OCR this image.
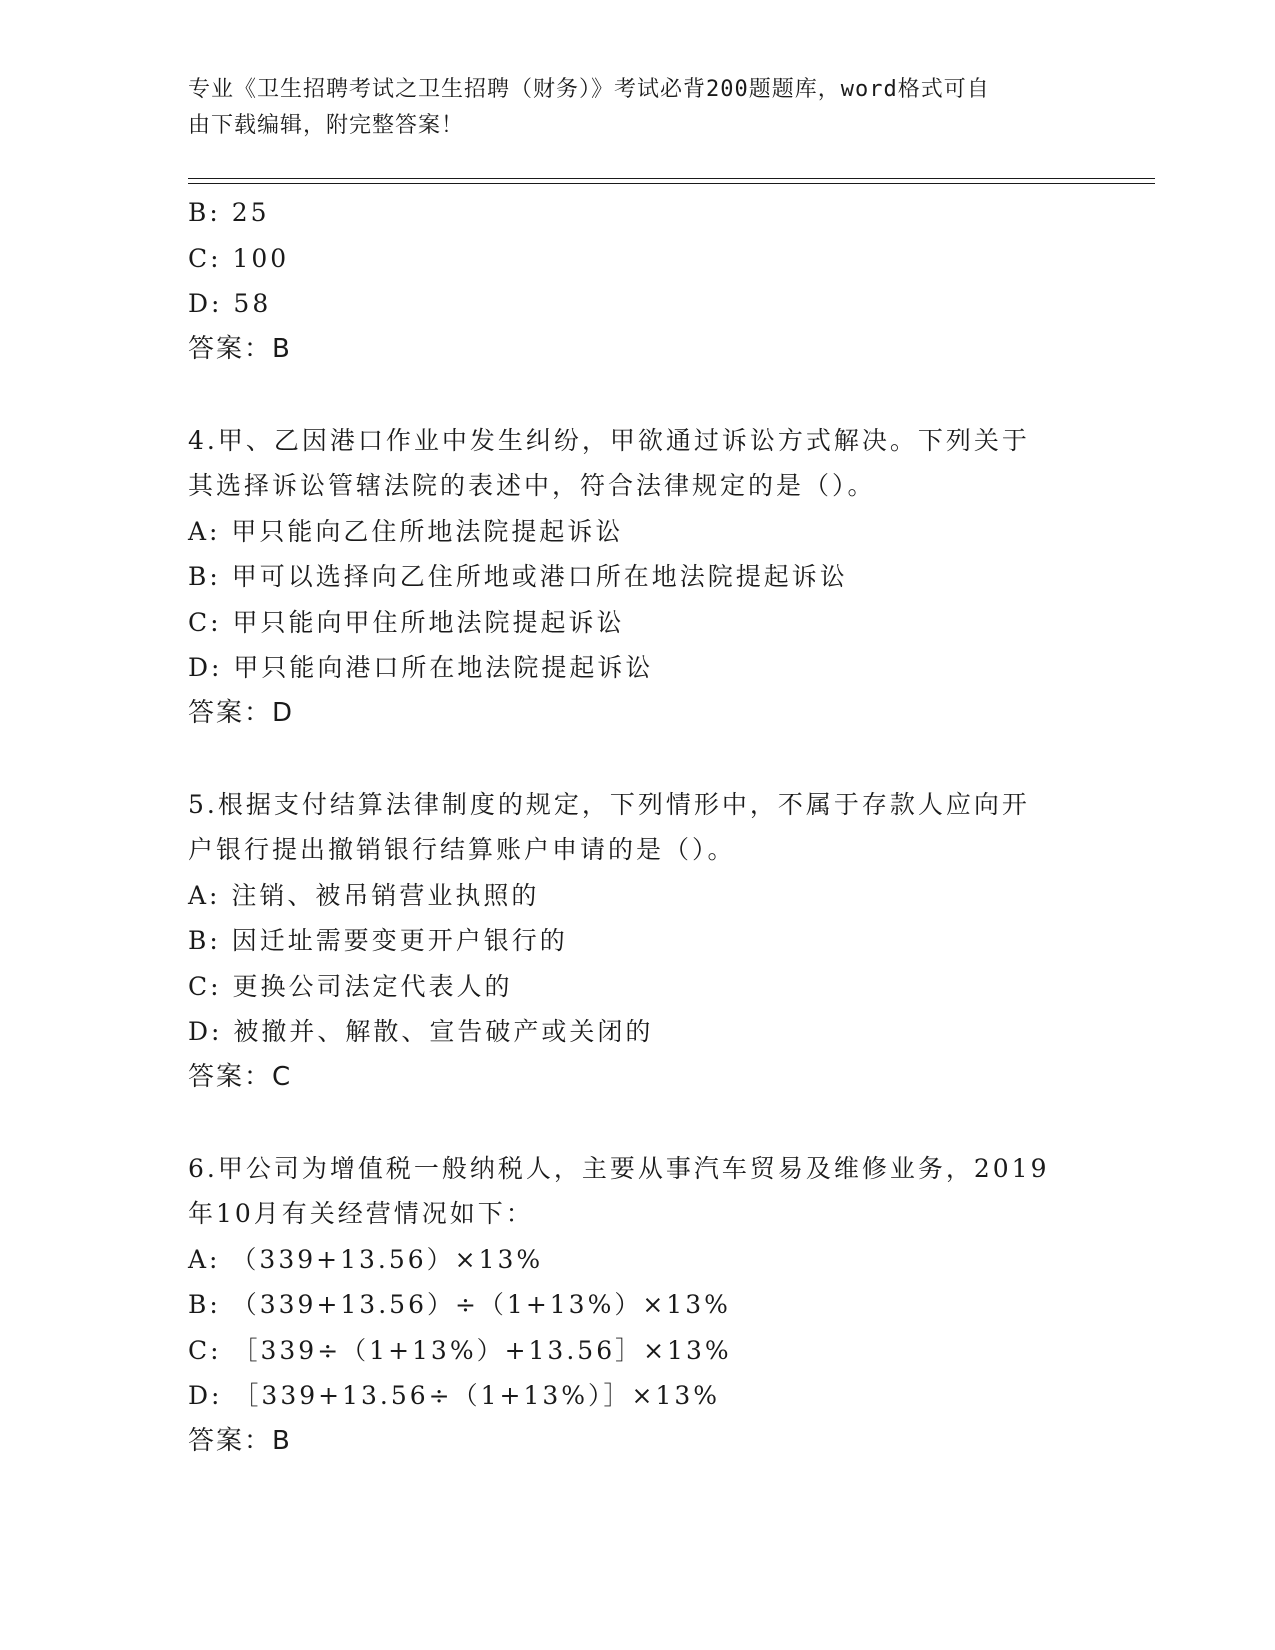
专业《卫生招聘考试之卫生招聘（财务）》考试必背200题题库，word格式可自
由下载编辑，附完整答案！
B: 25
C: 100
D: 58
答案：B
4.甲、乙因港口作业中发生纠纷，甲欲通过诉讼方式解决。下列关于
其选择诉讼管辖法院的表述中，符合法律规定的是（）。
A: 甲只能向乙住所地法院提起诉讼
B: 甲可以选择向乙住所地或港口所在地法院提起诉讼
C: 甲只能向甲住所地法院提起诉讼
D: 甲只能向港口所在地法院提起诉讼
答案：D
5.根据支付结算法律制度的规定，下列情形中，不属于存款人应向开
户银行提出撤销银行结算账户申请的是（）。
A: 注销、被吊销营业执照的
B: 因迁址需要变更开户银行的
C: 更换公司法定代表人的
D: 被撤并、解散、宣告破产或关闭的
答案：C
6.甲公司为增值税一般纳税人，主要从事汽车贸易及维修业务，2019
年10月有关经营情况如下：
A: （339+13.56）×13%
B: （339+13.56）÷（1+13%）×13%
C: ［339÷（1+13%）+13.56］×13%
D: ［339+13.56÷（1+13%）］×13%
答案：B
